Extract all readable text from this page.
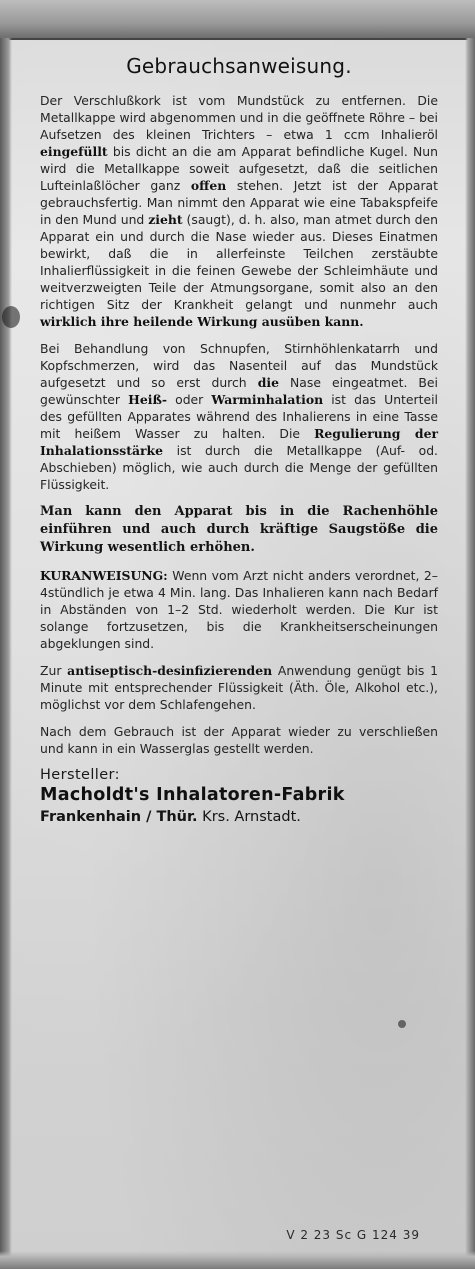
Gebrauchsanweisung.

Der Verschlußkork ist vom Mundstück zu entfernen. Die Metallkappe wird abgenommen und in die geöffnete Röhre – bei Aufsetzen des kleinen Trichters – etwa 1 ccm Inhalieröl eingefüllt bis dicht an die am Apparat befindliche Kugel. Nun wird die Metallkappe soweit aufgesetzt, daß die seitlichen Lufteinlaßlöcher ganz offen stehen. Jetzt ist der Apparat gebrauchsfertig. Man nimmt den Apparat wie eine Tabakspfeife in den Mund und zieht (saugt), d. h. also, man atmet durch den Apparat ein und durch die Nase wieder aus. Dieses Einatmen bewirkt, daß die in allerfeinste Teilchen zerstäubte Inhalierflüssigkeit in die feinen Gewebe der Schleimhäute und weitverzweigten Teile der Atmungsorgane, somit also an den richtigen Sitz der Krankheit gelangt und nunmehr auch wirklich ihre heilende Wirkung ausüben kann.

Bei Behandlung von Schnupfen, Stirnhöhlenkatarrh und Kopfschmerzen, wird das Nasenteil auf das Mundstück aufgesetzt und so erst durch die Nase eingeatmet. Bei gewünschter Heiß- oder Warminhalation ist das Unterteil des gefüllten Apparates während des Inhalierens in eine Tasse mit heißem Wasser zu halten. Die Regulierung der Inhalationsstärke ist durch die Metallkappe (Auf- od. Abschieben) möglich, wie auch durch die Menge der gefüllten Flüssigkeit.

Man kann den Apparat bis in die Rachenhöhle einführen und auch durch kräftige Saugstöße die Wirkung wesentlich erhöhen.

KURANWEISUNG: Wenn vom Arzt nicht anders verordnet, 2–4stündlich je etwa 4 Min. lang. Das Inhalieren kann nach Bedarf in Abständen von 1–2 Std. wiederholt werden. Die Kur ist solange fortzusetzen, bis die Krankheitserscheinungen abgeklungen sind.

Zur antiseptisch-desinfizierenden Anwendung genügt bis 1 Minute mit entsprechender Flüssigkeit (Äth. Öle, Alkohol etc.), möglichst vor dem Schlafengehen.

Nach dem Gebrauch ist der Apparat wieder zu verschließen und kann in ein Wasserglas gestellt werden.

Hersteller:
Macholdt's Inhalatoren-Fabrik
Frankenhain / Thür. Krs. Arnstadt.
V 2 23 Sc G 124 39
